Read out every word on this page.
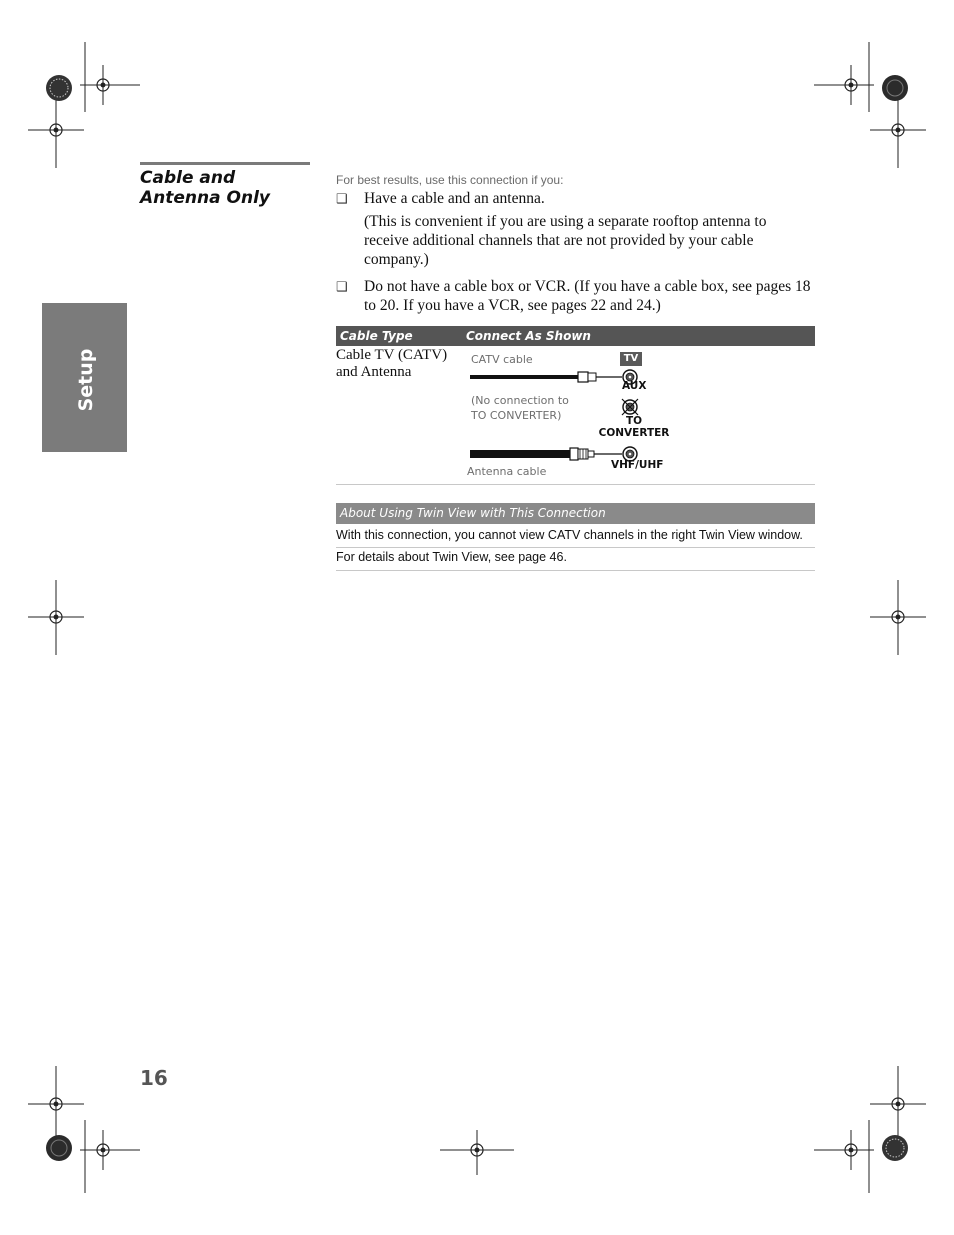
Setup
Cable and Antenna Only
For best results, use this connection if you:
❑ Have a cable and an antenna.
(This is convenient if you are using a separate rooftop antenna to receive additional channels that are not provided by your cable company.)
❑ Do not have a cable box or VCR. (If you have a cable box, see pages 18 to 20. If you have a VCR, see pages 22 and 24.)
Cable Type	Connect As Shown
Cable TV (CATV) and Antenna
CATV cable	TV
AUX
(No connection to TO CONVERTER)	TO CONVERTER
VHF/UHF
Antenna cable
About Using Twin View with This Connection
With this connection, you cannot view CATV channels in the right Twin View window.
For details about Twin View, see page 46.
16
